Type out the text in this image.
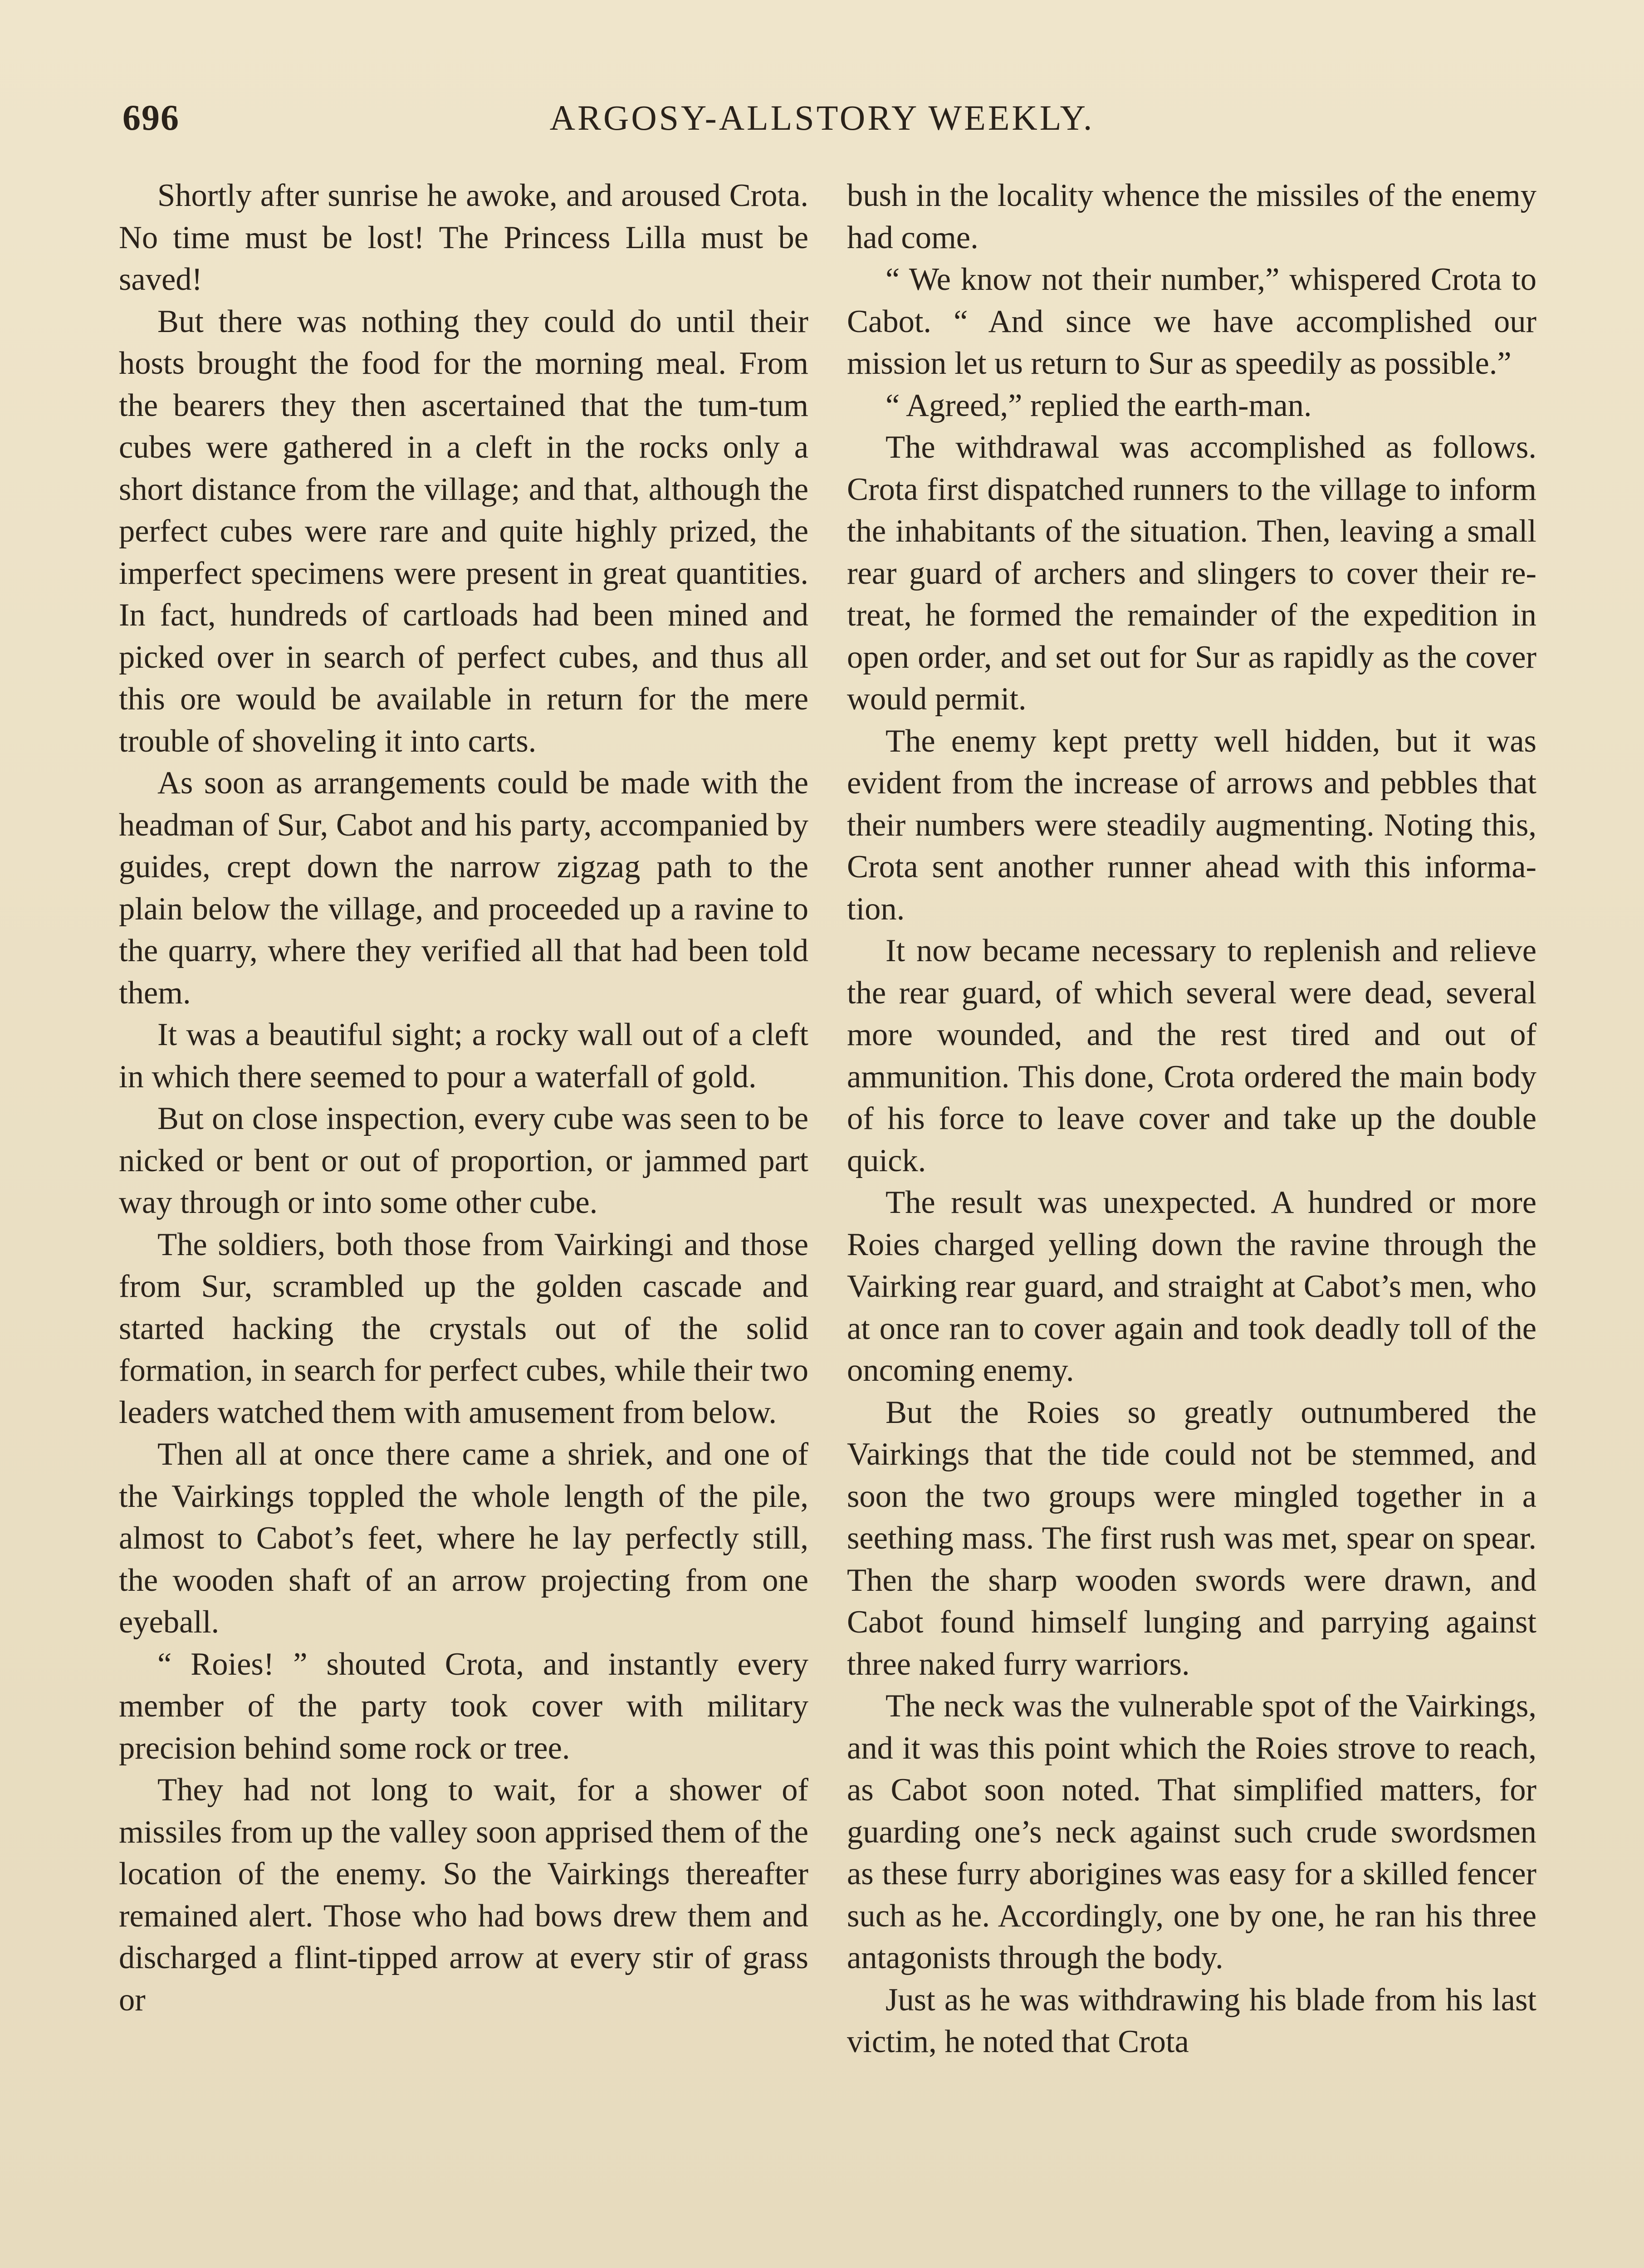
696	ARGOSY-ALLSTORY WEEKLY.

Shortly after sunrise he awoke, and aroused Crota. No time must be lost! The Princess Lilla must be saved!

But there was nothing they could do until their hosts brought the food for the morning meal. From the bearers they then ascertained that the tum-tum cubes were gathered in a cleft in the rocks only a short distance from the village; and that, although the perfect cubes were rare and quite highly prized, the imperfect specimens were present in great quantities. In fact, hundreds of cartloads had been mined and picked over in search of perfect cubes, and thus all this ore would be available in return for the mere trouble of shoveling it into carts.

As soon as arrangements could be made with the headman of Sur, Cabot and his party, accompanied by guides, crept down the narrow zigzag path to the plain below the village, and proceeded up a ravine to the quarry, where they verified all that had been told them.

It was a beautiful sight; a rocky wall out of a cleft in which there seemed to pour a waterfall of gold.

But on close inspection, every cube was seen to be nicked or bent or out of proportion, or jammed part way through or into some other cube.

The soldiers, both those from Vairkingi and those from Sur, scrambled up the golden cascade and started hacking the crystals out of the solid formation, in search for perfect cubes, while their two leaders watched them with amusement from below.

Then all at once there came a shriek, and one of the Vairkings toppled the whole length of the pile, almost to Cabot’s feet, where he lay perfectly still, the wooden shaft of an arrow projecting from one eyeball.

“ Roies! ” shouted Crota, and instantly every member of the party took cover with military precision behind some rock or tree.

They had not long to wait, for a shower of missiles from up the valley soon apprised them of the location of the enemy. So the Vairkings thereafter remained alert. Those who had bows drew them and discharged a flint-tipped arrow at every stir of grass or

bush in the locality whence the missiles of the enemy had come.

“ We know not their number,” whispered Crota to Cabot. “ And since we have accomplished our mission let us return to Sur as speedily as possible.”

“ Agreed,” replied the earth-man.

The withdrawal was accomplished as follows. Crota first dispatched runners to the village to inform the inhabitants of the situation. Then, leaving a small rear guard of archers and slingers to cover their retreat, he formed the remainder of the expedition in open order, and set out for Sur as rapidly as the cover would permit.

The enemy kept pretty well hidden, but it was evident from the increase of arrows and pebbles that their numbers were steadily augmenting. Noting this, Crota sent another runner ahead with this information.

It now became necessary to replenish and relieve the rear guard, of which several were dead, several more wounded, and the rest tired and out of ammunition. This done, Crota ordered the main body of his force to leave cover and take up the double quick.

The result was unexpected. A hundred or more Roies charged yelling down the ravine through the Vairking rear guard, and straight at Cabot’s men, who at once ran to cover again and took deadly toll of the oncoming enemy.

But the Roies so greatly outnumbered the Vairkings that the tide could not be stemmed, and soon the two groups were mingled together in a seething mass. The first rush was met, spear on spear. Then the sharp wooden swords were drawn, and Cabot found himself lunging and parrying against three naked furry warriors.

The neck was the vulnerable spot of the Vairkings, and it was this point which the Roies strove to reach, as Cabot soon noted. That simplified matters, for guarding one’s neck against such crude swordsmen as these furry aborigines was easy for a skilled fencer such as he. Accordingly, one by one, he ran his three antagonists through the body.

Just as he was withdrawing his blade from his last victim, he noted that Crota
